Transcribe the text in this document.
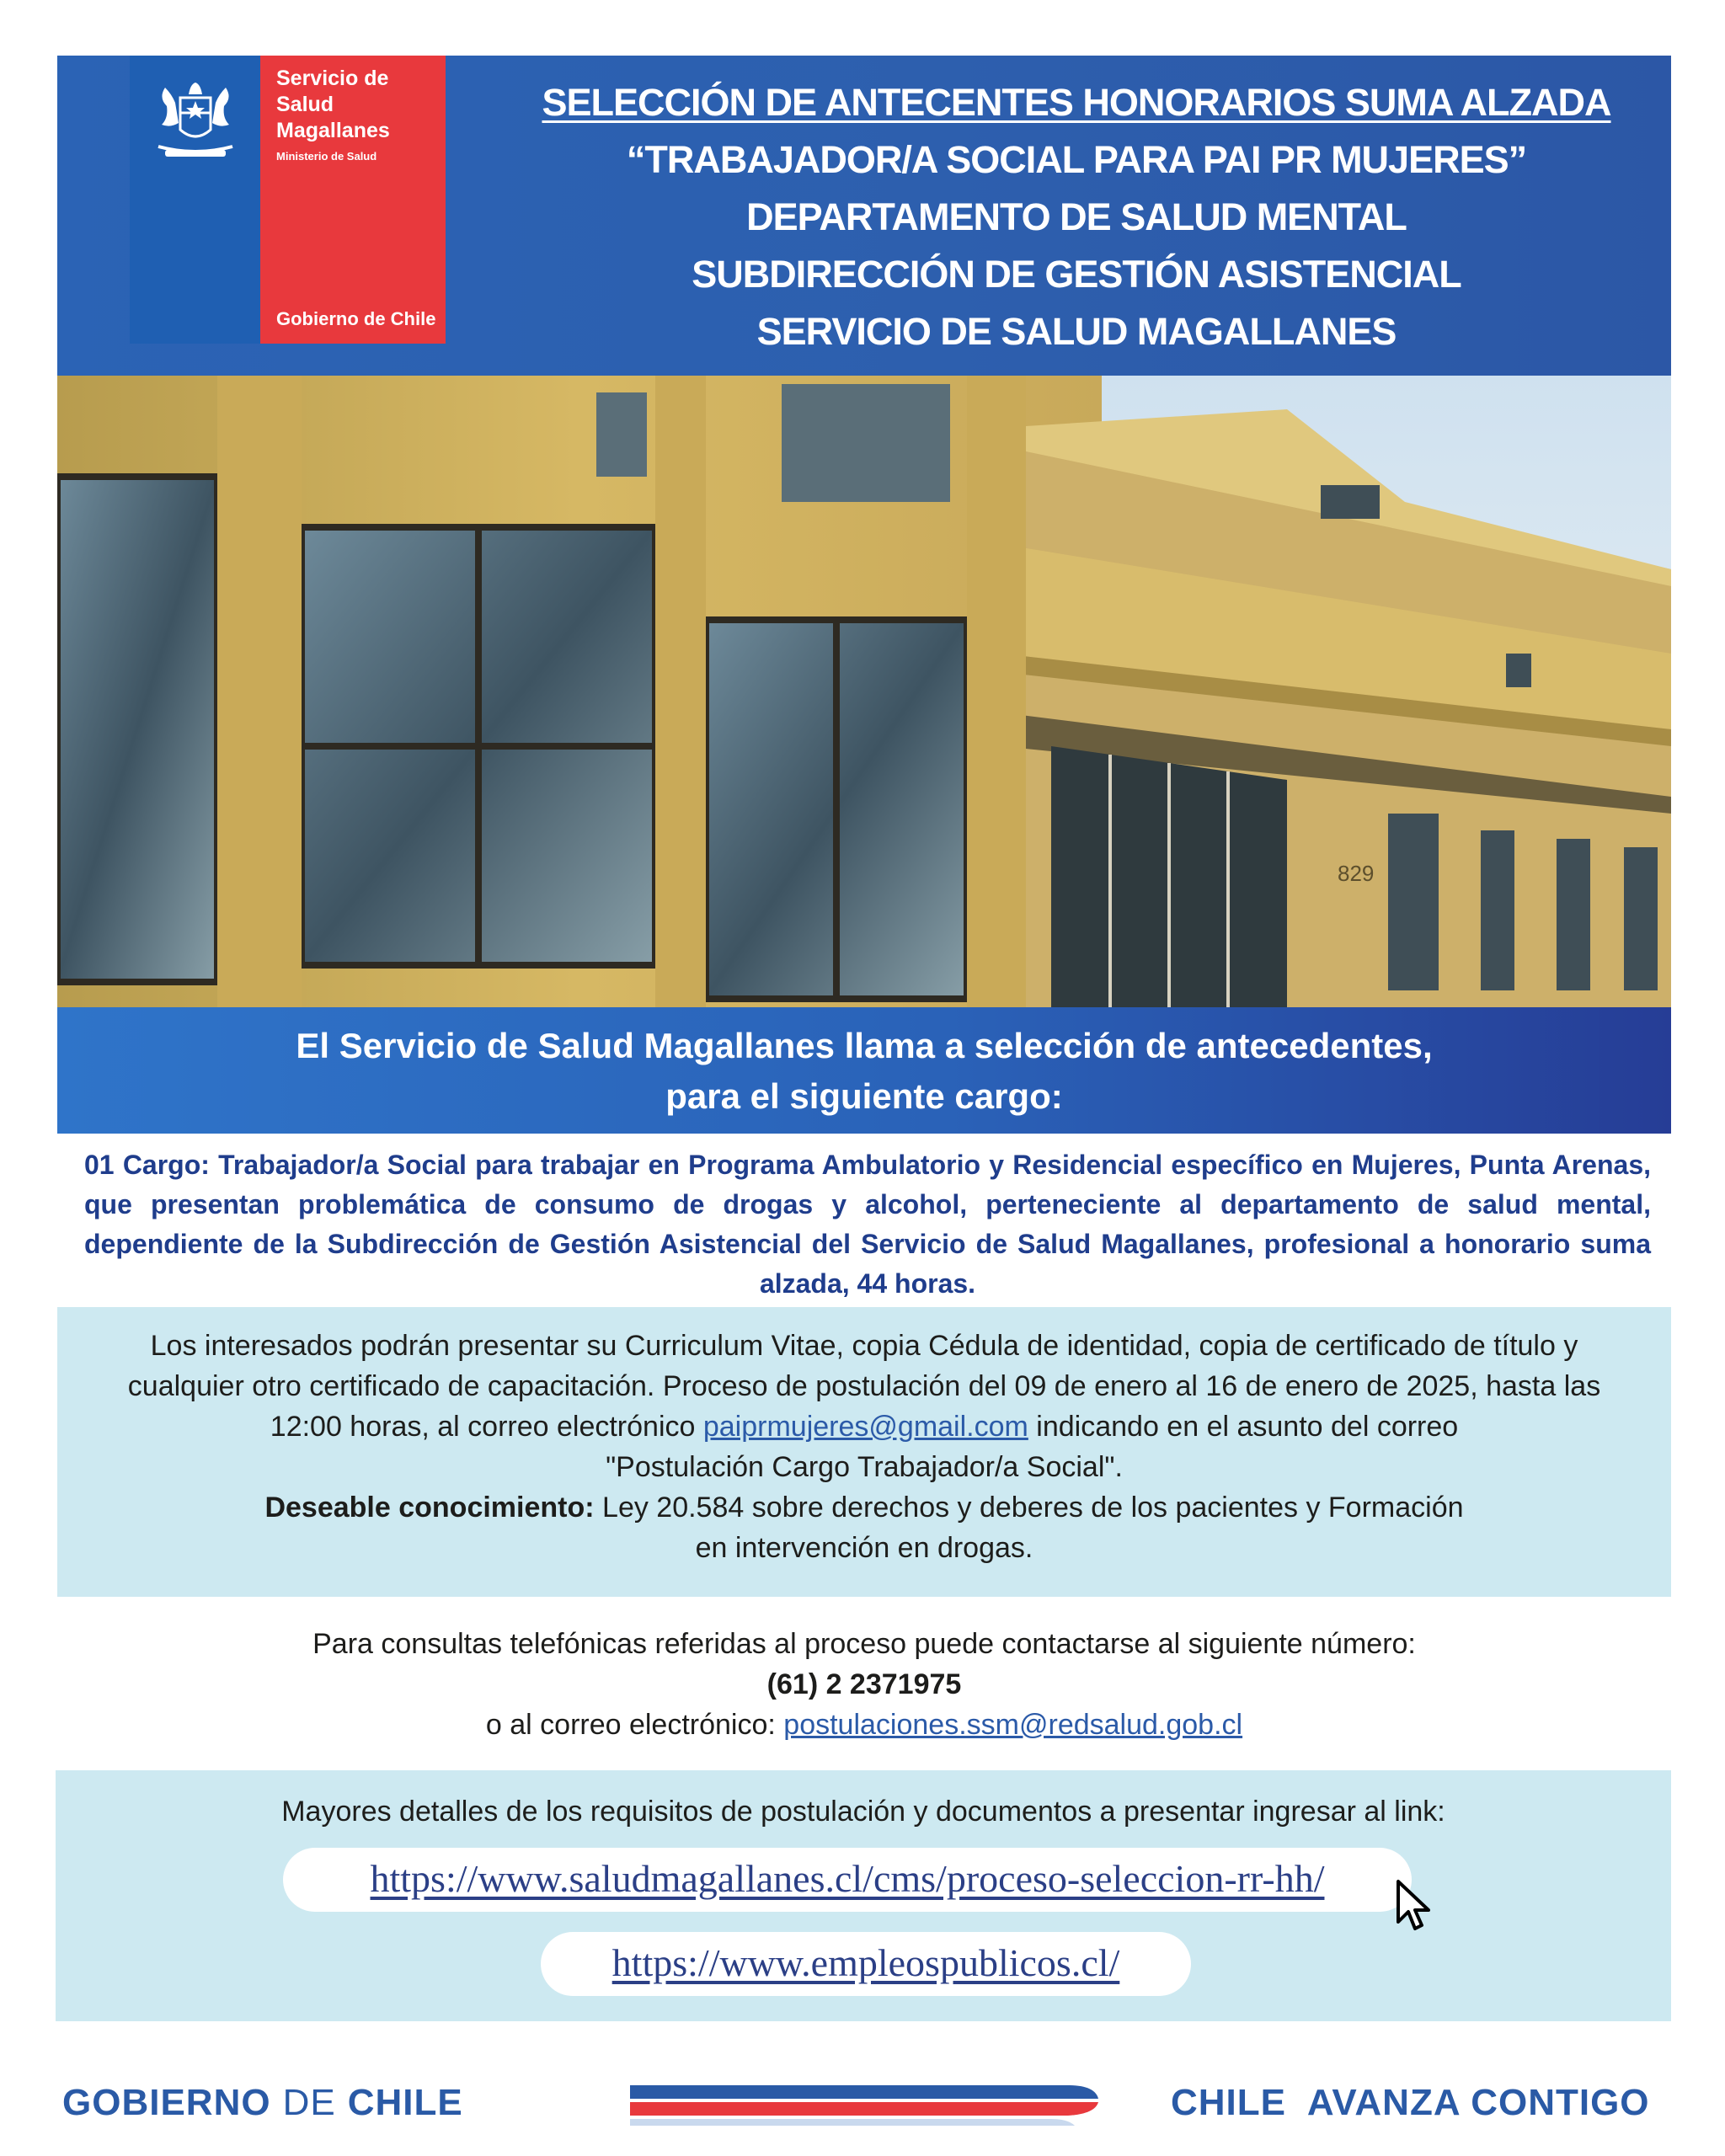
Servicio de Salud Magallanes
Ministerio de Salud
Gobierno de Chile
SELECCIÓN DE ANTECENTES HONORARIOS SUMA ALZADA
“TRABAJADOR/A SOCIAL PARA PAI PR MUJERES”
DEPARTAMENTO DE SALUD MENTAL
SUBDIRECCIÓN DE GESTIÓN ASISTENCIAL
SERVICIO DE SALUD MAGALLANES
829
El Servicio de Salud Magallanes llama a selección de antecedentes,
para el siguiente cargo:
01 Cargo: Trabajador/a Social para trabajar en Programa Ambulatorio y Residencial específico en Mujeres, Punta Arenas, que presentan problemática de consumo de drogas y alcohol, perteneciente al departamento de salud mental, dependiente de la Subdirección de Gestión Asistencial del Servicio de Salud Magallanes, profesional a honorario suma alzada, 44 horas.
Los interesados podrán presentar su Curriculum Vitae, copia Cédula de identidad, copia de certificado de título y cualquier otro certificado de capacitación. Proceso de postulación del 09 de enero al 16 de enero de 2025, hasta las 12:00 horas, al correo electrónico paiprmujeres@gmail.com indicando en el asunto del correo
"Postulación Cargo Trabajador/a Social".
Deseable conocimiento: Ley 20.584 sobre derechos y deberes de los pacientes y Formación
en intervención en drogas.
Para consultas telefónicas referidas al proceso puede contactarse al siguiente número:
(61) 2 2371975
o al correo electrónico: postulaciones.ssm@redsalud.gob.cl
Mayores detalles de los requisitos de postulación y documentos a presentar ingresar al link:
https://www.saludmagallanes.cl/cms/proceso-seleccion-rr-hh/
https://www.empleospublicos.cl/
GOBIERNO DE CHILE	CHILE  AVANZA CONTIGO
